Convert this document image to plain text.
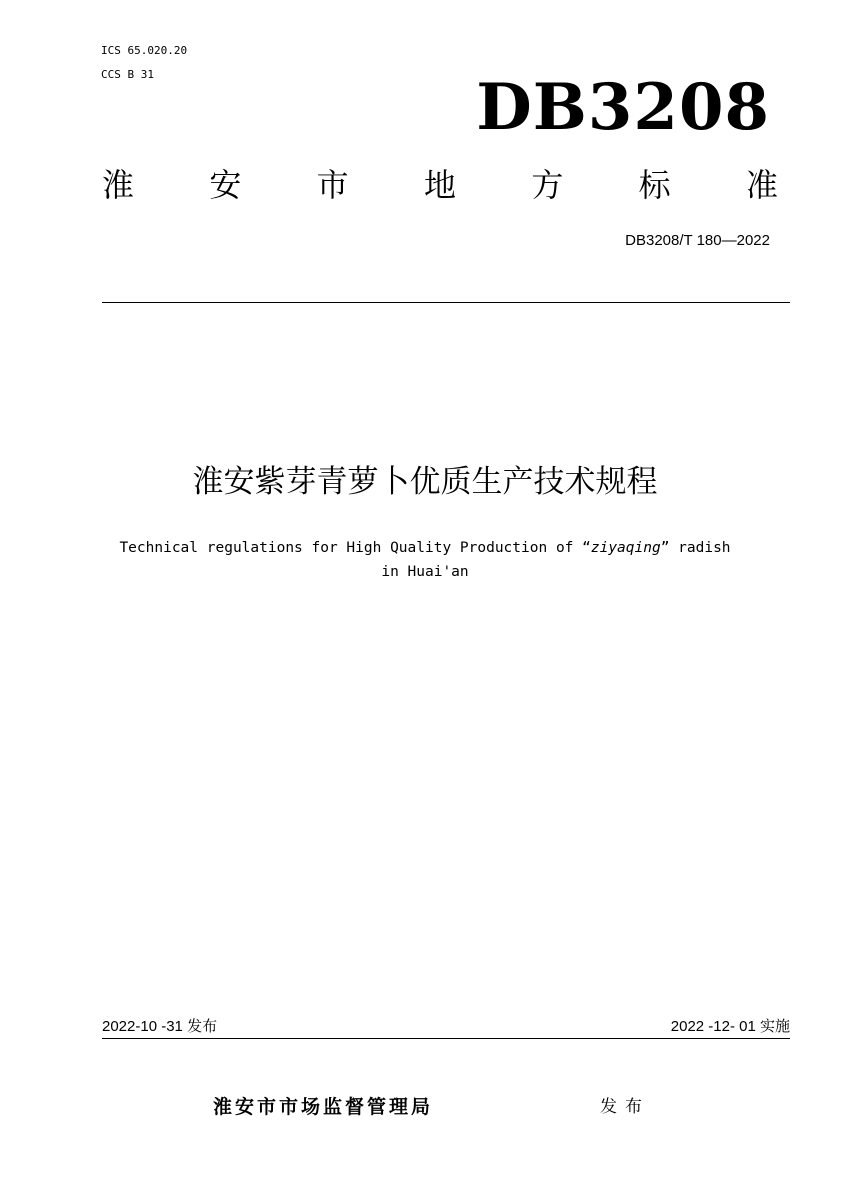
ICS 65.020.20
CCS B 31	DB3208
淮 安 市 地 方 标 准
DB3208/T 180—2022
淮安紫芽青萝卜优质生产技术规程
Technical regulations for High Quality Production of “ziyaqing” radish
in Huai'an
2022-10 -31 发布	2022 -12- 01 实施
淮安市市场监督管理局	发布
